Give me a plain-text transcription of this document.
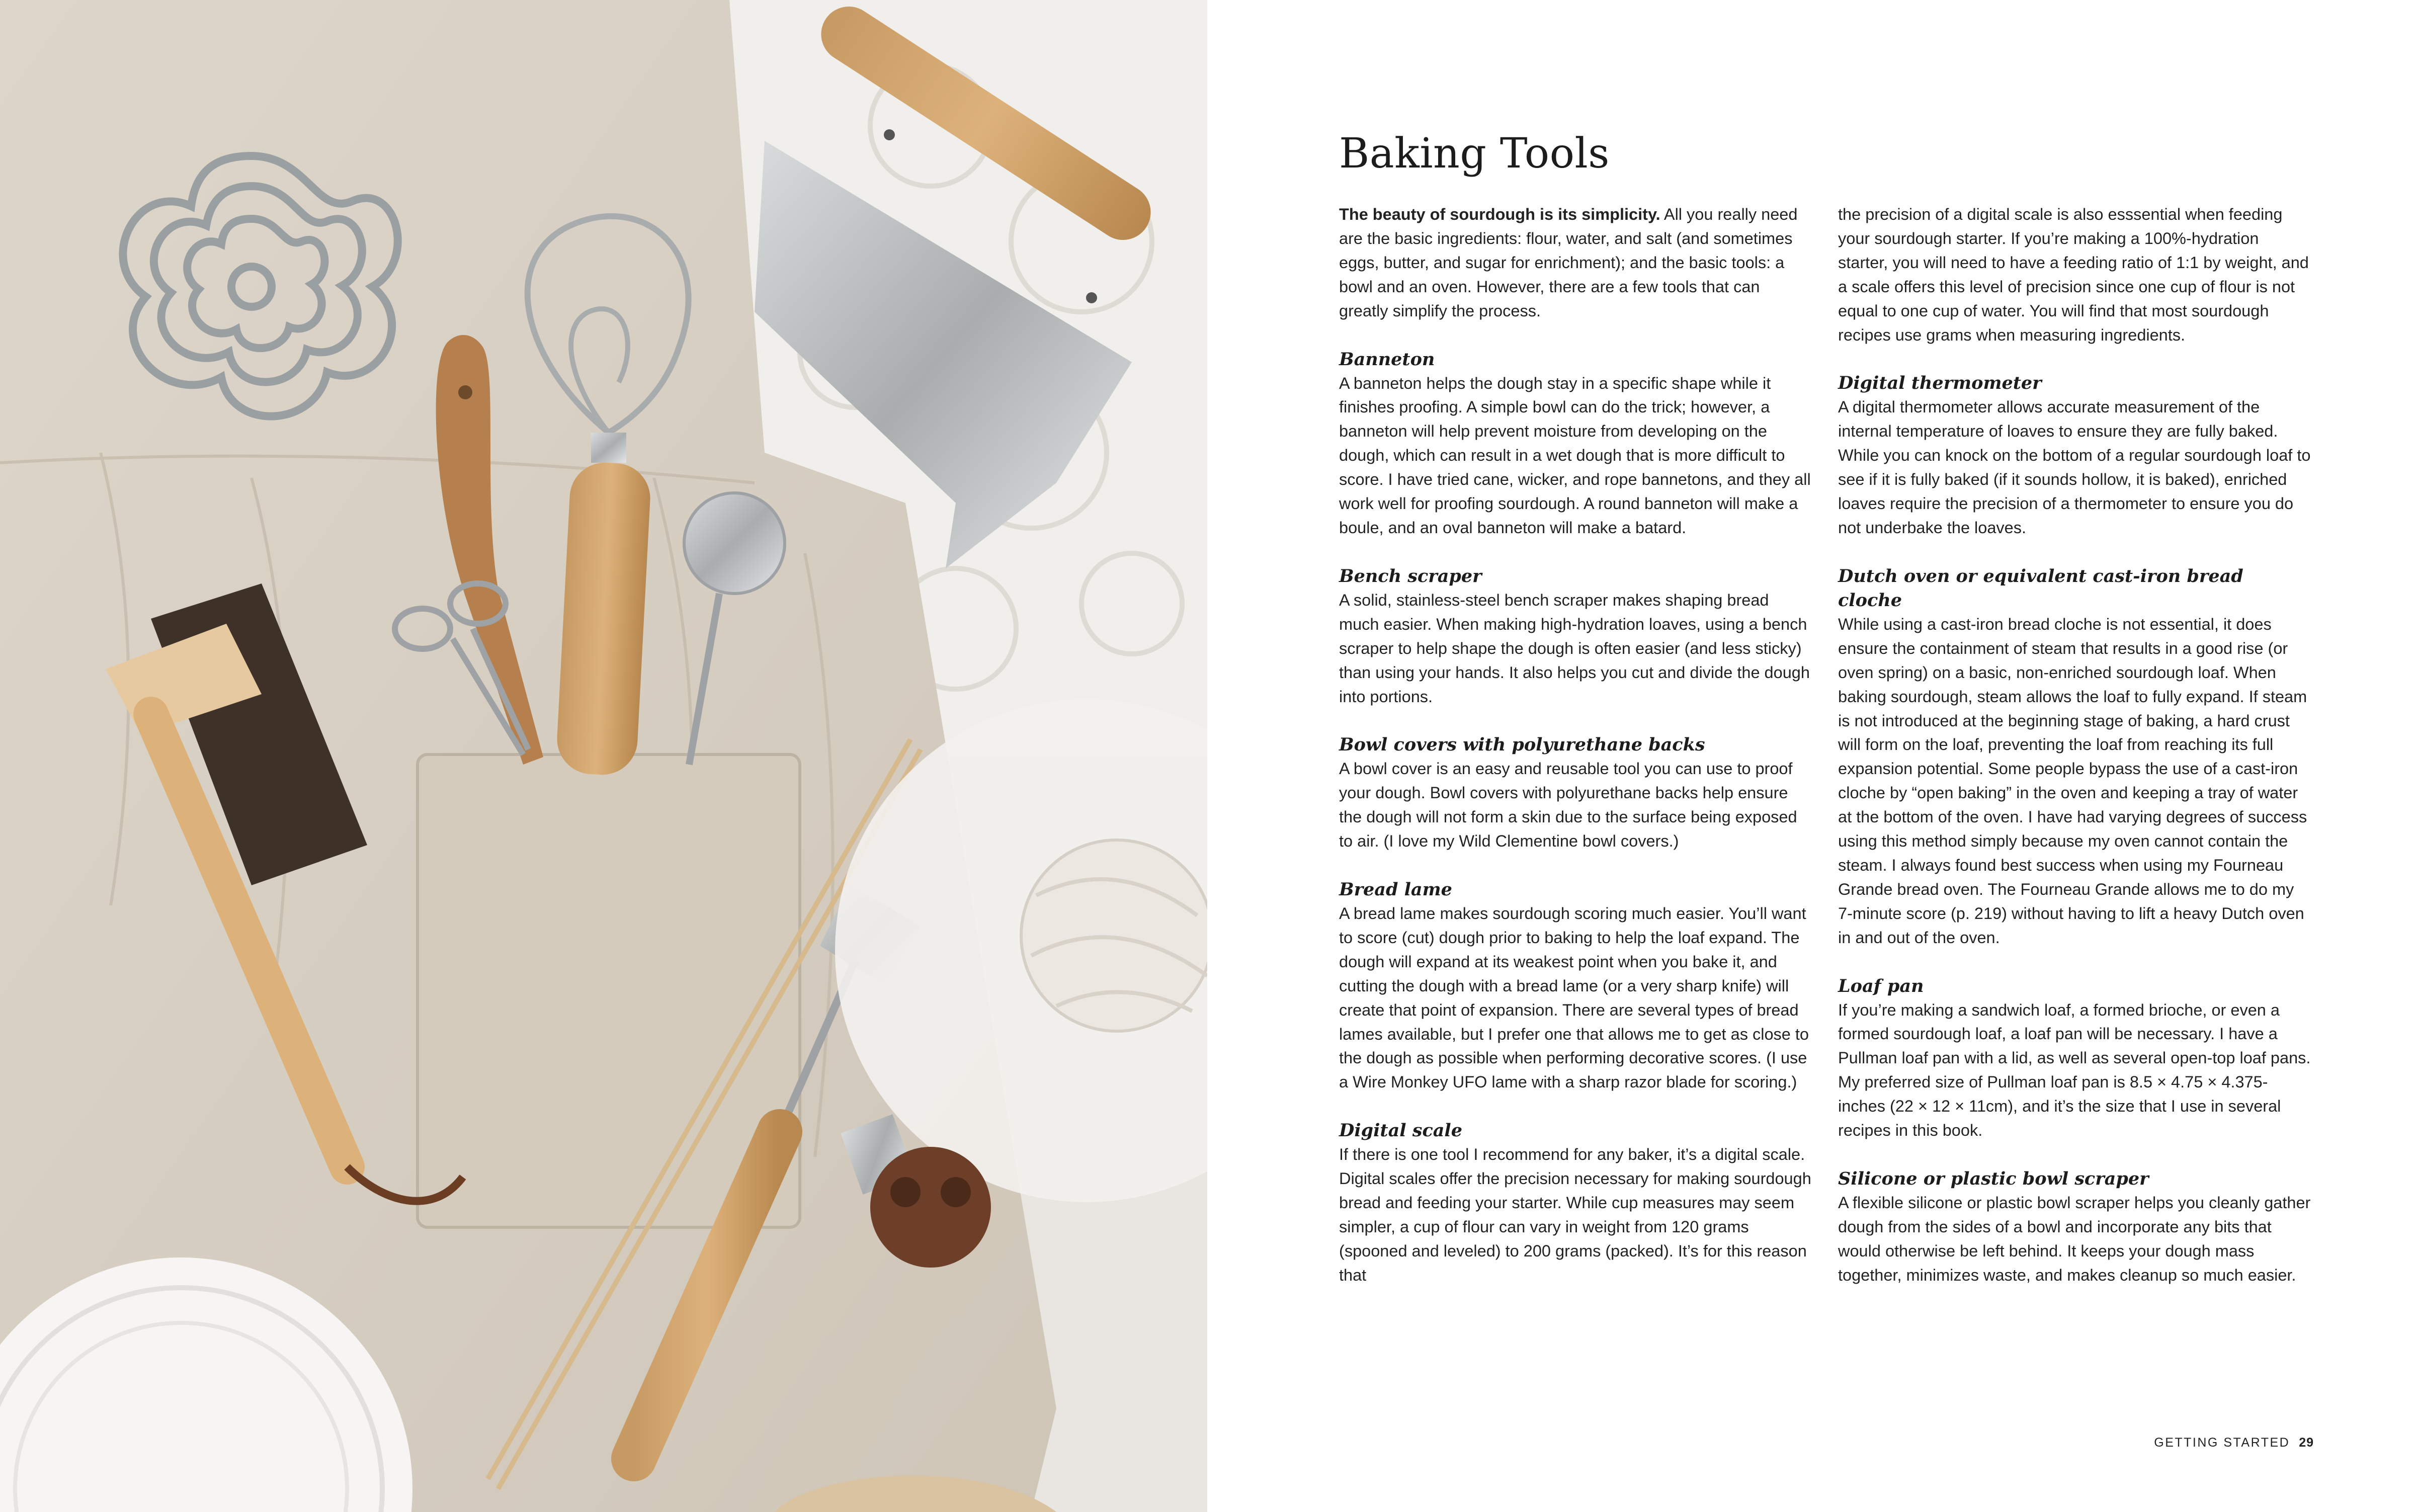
Baking Tools

The beauty of sourdough is its simplicity. All you really need are the basic ingredients: flour, water, and salt (and sometimes eggs, butter, and sugar for enrichment); and the basic tools: a bowl and an oven. However, there are a few tools that can greatly simplify the process.

Banneton

A banneton helps the dough stay in a specific shape while it finishes proofing. A simple bowl can do the trick; however, a banneton will help prevent moisture from developing on the dough, which can result in a wet dough that is more difficult to score. I have tried cane, wicker, and rope bannetons, and they all work well for proofing sourdough. A round banneton will make a boule, and an oval banneton will make a batard.

Bench scraper

A solid, stainless-steel bench scraper makes shaping bread much easier. When making high-hydration loaves, using a bench scraper to help shape the dough is often easier (and less sticky) than using your hands. It also helps you cut and divide the dough into portions.

Bowl covers with polyurethane backs

A bowl cover is an easy and reusable tool you can use to proof your dough. Bowl covers with polyurethane backs help ensure the dough will not form a skin due to the surface being exposed to air. (I love my Wild Clementine bowl covers.)

Bread lame

A bread lame makes sourdough scoring much easier. You’ll want to score (cut) dough prior to baking to help the loaf expand. The dough will expand at its weakest point when you bake it, and cutting the dough with a bread lame (or a very sharp knife) will create that point of expansion. There are several types of bread lames available, but I prefer one that allows me to get as close to the dough as possible when performing decorative scores. (I use a Wire Monkey UFO lame with a sharp razor blade for scoring.)

Digital scale

If there is one tool I recommend for any baker, it’s a digital scale. Digital scales offer the precision necessary for making sourdough bread and feeding your starter. While cup measures may seem simpler, a cup of flour can vary in weight from 120 grams (spooned and leveled) to 200 grams (packed). It’s for this reason that

the precision of a digital scale is also esssential when feeding your sourdough starter. If you’re making a 100%-hydration starter, you will need to have a feeding ratio of 1:1 by weight, and a scale offers this level of precision since one cup of flour is not equal to one cup of water. You will find that most sourdough recipes use grams when measuring ingredients.

Digital thermometer

A digital thermometer allows accurate measurement of the internal temperature of loaves to ensure they are fully baked. While you can knock on the bottom of a regular sourdough loaf to see if it is fully baked (if it sounds hollow, it is baked), enriched loaves require the precision of a thermometer to ensure you do not underbake the loaves.

Dutch oven or equivalent cast-iron bread cloche

While using a cast-iron bread cloche is not essential, it does ensure the containment of steam that results in a good rise (or oven spring) on a basic, non-enriched sourdough loaf. When baking sourdough, steam allows the loaf to fully expand. If steam is not introduced at the beginning stage of baking, a hard crust will form on the loaf, preventing the loaf from reaching its full expansion potential. Some people bypass the use of a cast-iron cloche by “open baking” in the oven and keeping a tray of water at the bottom of the oven. I have had varying degrees of success using this method simply because my oven cannot contain the steam. I always found best success when using my Fourneau Grande bread oven. The Fourneau Grande allows me to do my 7-minute score (p. 219) without having to lift a heavy Dutch oven in and out of the oven.

Loaf pan

If you’re making a sandwich loaf, a formed brioche, or even a formed sourdough loaf, a loaf pan will be necessary. I have a Pullman loaf pan with a lid, as well as several open-top loaf pans. My preferred size of Pullman loaf pan is 8.5 × 4.75 × 4.375-inches (22 × 12 × 11cm), and it’s the size that I use in several recipes in this book.

Silicone or plastic bowl scraper

A flexible silicone or plastic bowl scraper helps you cleanly gather dough from the sides of a bowl and incorporate any bits that would otherwise be left behind. It keeps your dough mass together, minimizes waste, and makes cleanup so much easier.

GETTING STARTED 29
